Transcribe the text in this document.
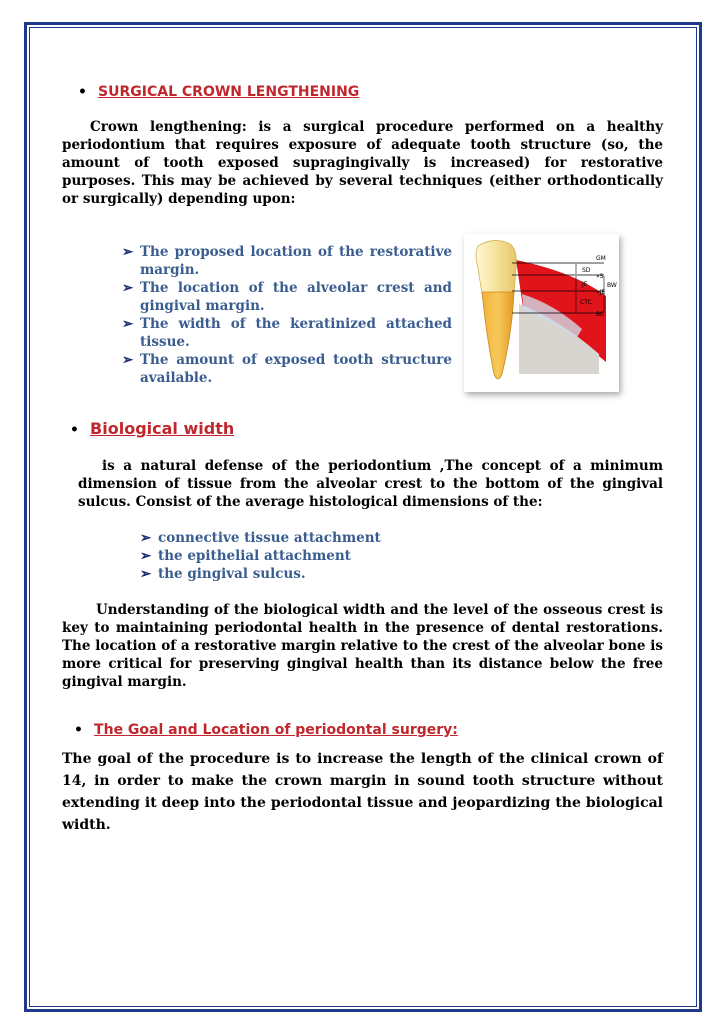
• SURGICAL CROWN LENGTHENING
Crown lengthening: is a surgical procedure performed on a healthy periodontium that requires exposure of adequate tooth structure (so, the amount of tooth exposed supragingivally is increased) for restorative purposes. This may be achieved by several techniques (either orthodontically or surgically) depending upon:
➢ The proposed location of the restorative margin.
➢ The location of the alveolar crest and gingival margin.
➢ The width of the keratinized attached tissue.
➢ The amount of exposed tooth structure available.
GM
SD
»S
JE
»JE
BW
CTC
BC
• Biological width
is a natural defense of the periodontium ,The concept of a minimum dimension of tissue from the alveolar crest to the bottom of the gingival sulcus. Consist of the average histological dimensions of the:
➢ connective tissue attachment
➢ the epithelial attachment
➢ the gingival sulcus.
Understanding of the biological width and the level of the osseous crest is key to maintaining periodontal health in the presence of dental restorations. The location of a restorative margin relative to the crest of the alveolar bone is more critical for preserving gingival health than its distance below the free gingival margin.
• The Goal and Location of periodontal surgery:
The goal of the procedure is to increase the length of the clinical crown of 14, in order to make the crown margin in sound tooth structure without extending it deep into the periodontal tissue and jeopardizing the biological width.
